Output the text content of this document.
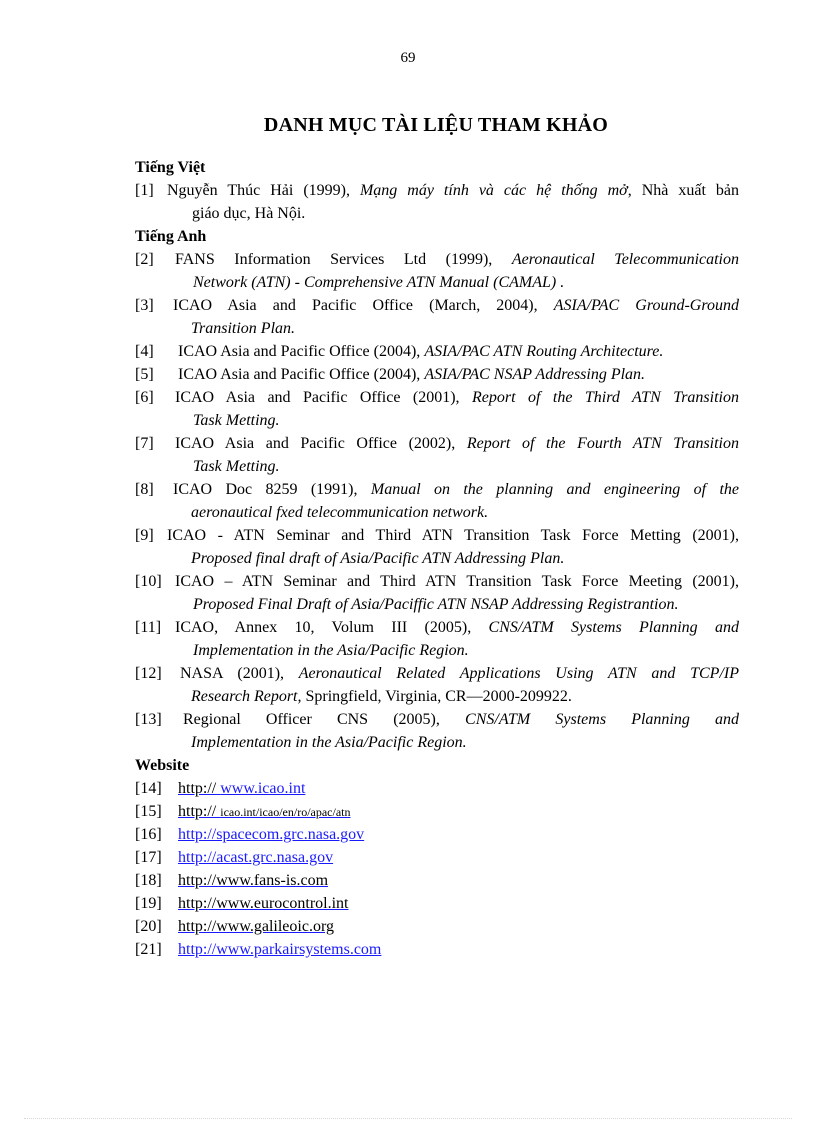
69
DANH MỤC TÀI LIỆU THAM KHẢO
Tiếng Việt
[1] Nguyễn Thúc Hải (1999), Mạng máy tính và các hệ thống mở, Nhà xuất bản
giáo dục, Hà Nội.
Tiếng Anh
[2]	FANS Information Services Ltd (1999), Aeronautical Telecommunication
Network (ATN) - Comprehensive ATN Manual (CAMAL) .
[3]	ICAO Asia and Pacific Office (March, 2004), ASIA/PAC Ground-Ground
Transition Plan.
[4]	ICAO Asia and Pacific Office (2004), ASIA/PAC ATN Routing Architecture.
[5]	ICAO Asia and Pacific Office (2004), ASIA/PAC NSAP Addressing Plan.
[6]	ICAO Asia and Pacific Office (2001), Report of the Third ATN Transition
Task Metting.
[7]	ICAO Asia and Pacific Office (2002), Report of the Fourth ATN Transition
Task Metting.
[8]	ICAO Doc 8259 (1991), Manual on the planning and engineering of the
aeronautical fxed telecommunication network.
[9] ICAO - ATN Seminar and Third ATN Transition Task Force Metting (2001),
Proposed final draft of Asia/Pacific ATN Addressing Plan.
[10] ICAO – ATN Seminar and Third ATN Transition Task Force Meeting (2001),
Proposed Final Draft of Asia/Paciffic ATN NSAP Addressing Registrantion.
[11] ICAO, Annex 10, Volum III (2005), CNS/ATM Systems Planning and
Implementation in the Asia/Pacific Region.
[12]	NASA (2001), Aeronautical Related Applications Using ATN and TCP/IP
Research Report, Springfield, Virginia, CR—2000-209922.
[13]	Regional Officer CNS (2005), CNS/ATM Systems Planning and
Implementation in the Asia/Pacific Region.
Website
[14]	http:// www.icao.int
[15]	http:// icao.int/icao/en/ro/apac/atn
[16]	http://spacecom.grc.nasa.gov
[17]	http://acast.grc.nasa.gov
[18]	http://www.fans-is.com
[19]	http://www.eurocontrol.int
[20]	http://www.galileoic.org
[21]	http://www.parkairsystems.com
